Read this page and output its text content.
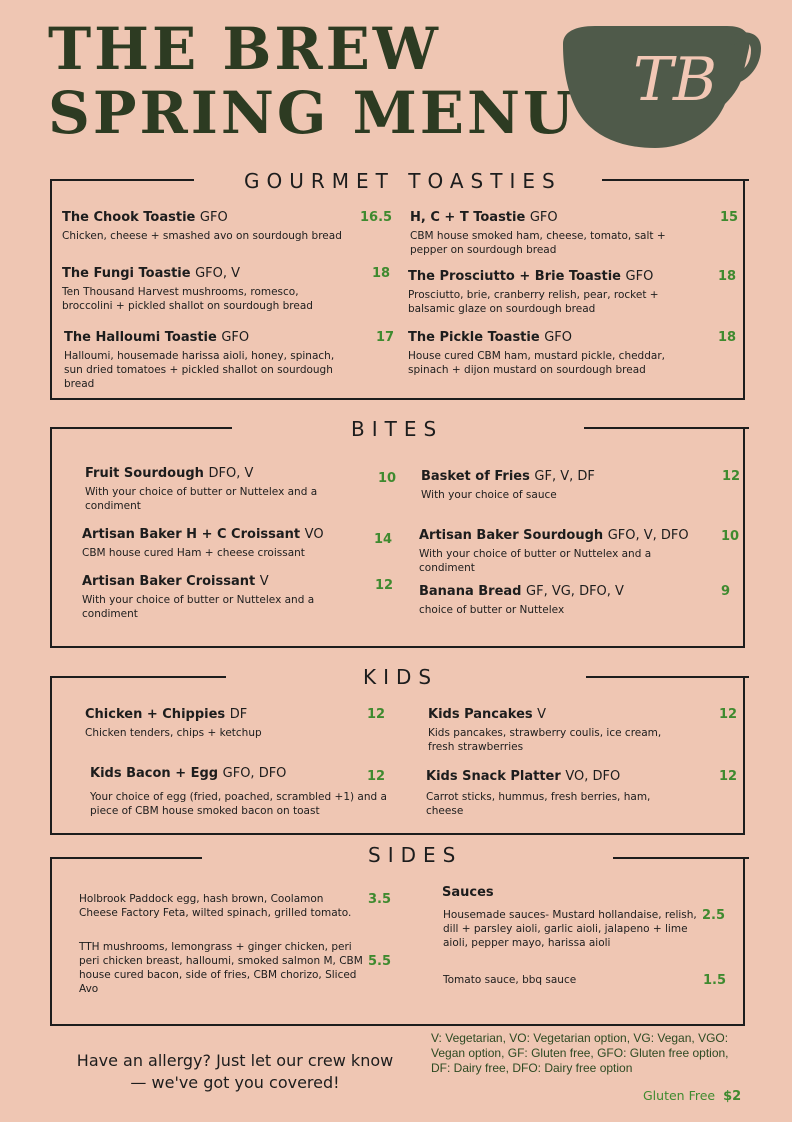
THE BREW
SPRING MENU TB
GOURMET TOASTIES
The Chook Toastie GFO
Chicken, cheese + smashed avo on sourdough bread
16.5 H, C + T Toastie GFO
CBM house smoked ham, cheese, tomato, salt + pepper on sourdough bread
15
The Fungi Toastie GFO, V
Ten Thousand Harvest mushrooms, romesco, broccolini + pickled shallot on sourdough bread
18 The Prosciutto + Brie Toastie GFO
Prosciutto, brie, cranberry relish, pear, rocket + balsamic glaze on sourdough bread
18
The Halloumi Toastie GFO
Halloumi, housemade harissa aioli, honey, spinach, sun dried tomatoes + pickled shallot on sourdough bread
17 The Pickle Toastie GFO
House cured CBM ham, mustard pickle, cheddar, spinach + dijon mustard on sourdough bread
18
BITES
Fruit Sourdough DFO, V
With your choice of butter or Nuttelex and a condiment
10 Basket of Fries GF, V, DF
With your choice of sauce
12
Artisan Baker H + C Croissant VO
CBM house cured Ham + cheese croissant
14 Artisan Baker Sourdough GFO, V, DFO
With your choice of butter or Nuttelex and a condiment
10
Artisan Baker Croissant V
With your choice of butter or Nuttelex and a condiment
12 Banana Bread GF, VG, DFO, V
choice of butter or Nuttelex
9
KIDS
Chicken + Chippies DF
Chicken tenders, chips + ketchup
12	Kids Pancakes V
Kids pancakes, strawberry coulis, ice cream, fresh strawberries
12
Kids Bacon + Egg GFO, DFO
Your choice of egg (fried, poached, scrambled +1) and a piece of CBM house smoked bacon on toast
12	Kids Snack Platter VO, DFO
Carrot sticks, hummus, fresh berries, ham, cheese
12
SIDES
Holbrook Paddock egg, hash brown, Coolamon Cheese Factory Feta, wilted spinach, grilled tomato.
3.5
TTH mushrooms, lemongrass + ginger chicken, peri peri chicken breast, halloumi, smoked salmon M, CBM house cured bacon, side of fries, CBM chorizo, Sliced Avo
5.5
Sauces
Housemade sauces- Mustard hollandaise, relish, dill + parsley aioli, garlic aioli, jalapeno + lime aioli, pepper mayo, harissa aioli
2.5
Tomato sauce, bbq sauce	1.5
Have an allergy? Just let our crew know — we've got you covered!
V: Vegetarian, VO: Vegetarian option, VG: Vegan, VGO: Vegan option, GF: Gluten free, GFO: Gluten free option, DF: Dairy free, DFO: Dairy free option
Gluten Free $2
